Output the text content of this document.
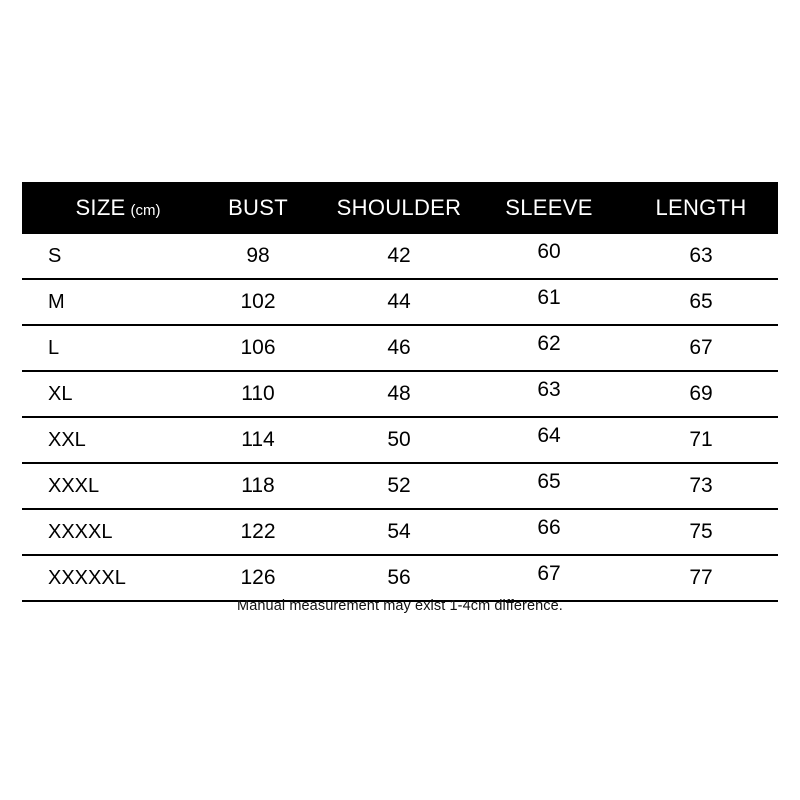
SIZE (cm)	BUST	SHOULDER	SLEEVE	LENGTH
S	98	42	60	63
M	102	44	61	65
L	106	46	62	67
XL	110	48	63	69
XXL	114	50	64	71
XXXL	118	52	65	73
XXXXL	122	54	66	75
XXXXXL	126	56	67	77
Manual measurement may exist 1-4cm difference.
